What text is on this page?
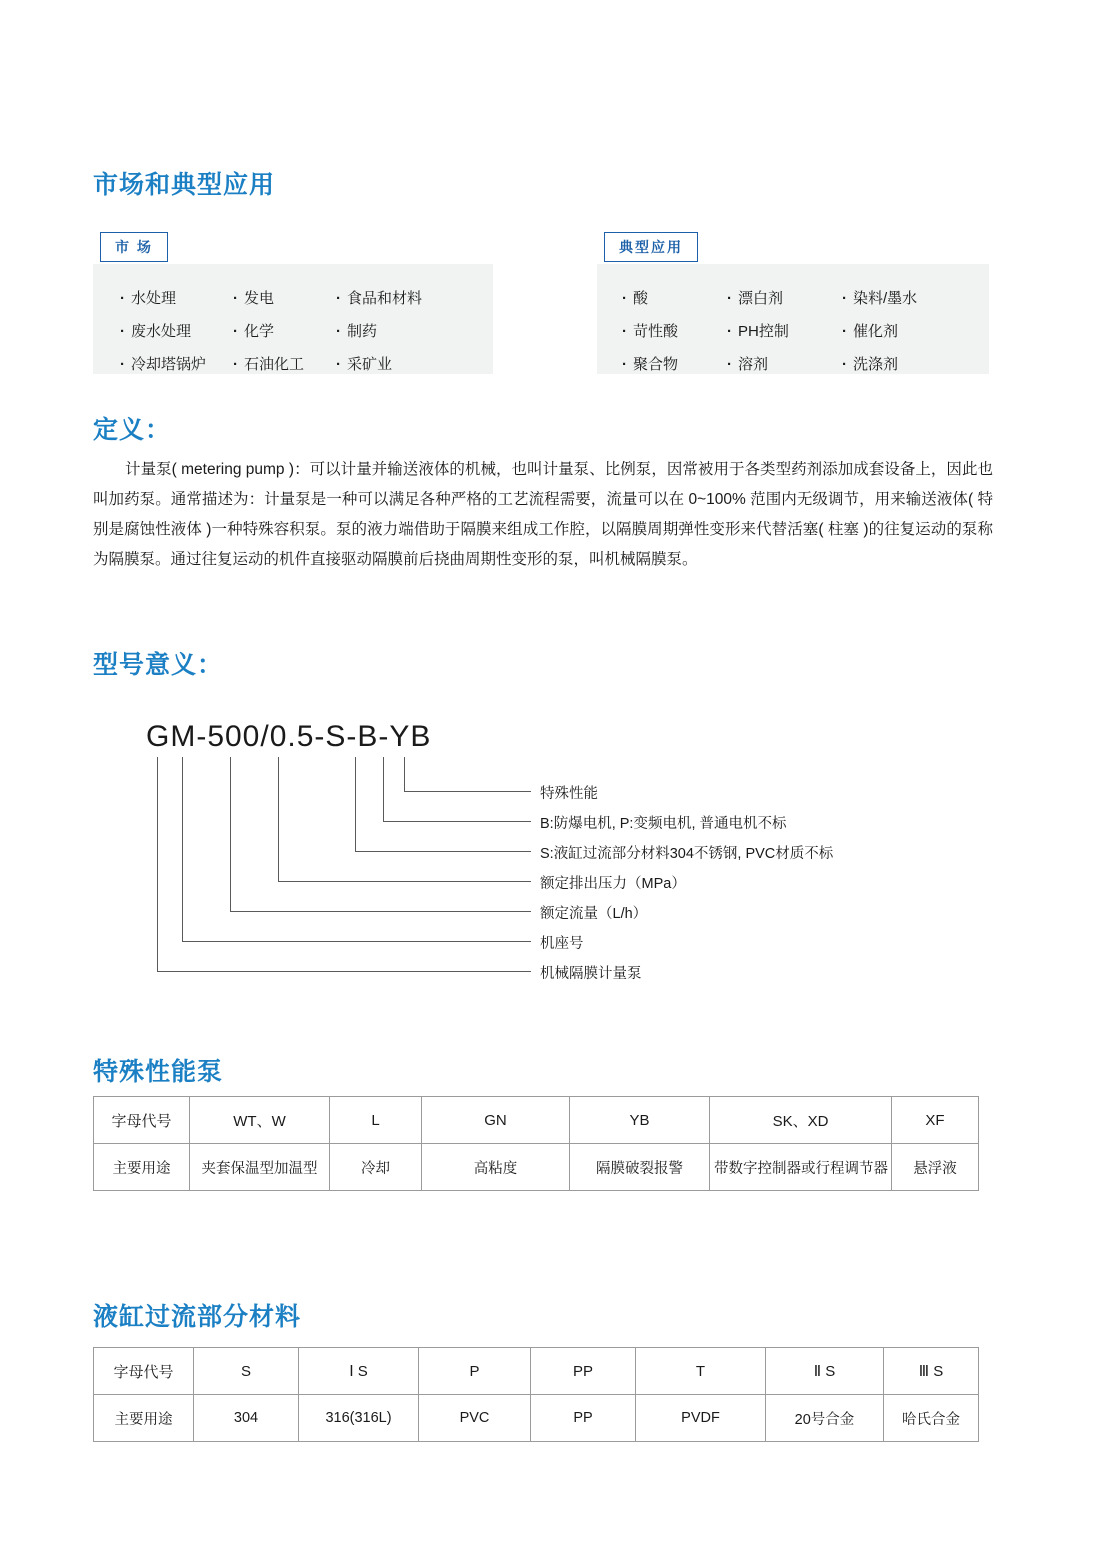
市场和典型应用
市 场
· 水处理	· 发电	· 食品和材料
· 废水处理	· 化学	· 制药
· 冷却塔锅炉	· 石油化工	· 采矿业
典型应用
· 酸	· 漂白剂	· 染料/墨水
· 苛性酸	· PH控制	· 催化剂
· 聚合物	· 溶剂	· 洗涤剂
定义：
计量泵( metering pump )：可以计量并输送液体的机械，也叫计量泵、比例泵，因常被用于各类型药剂添加成套设备上，因此也叫加药泵。通常描述为：计量泵是一种可以满足各种严格的工艺流程需要，流量可以在 0~100% 范围内无级调节，用来输送液体( 特别是腐蚀性液体 )一种特殊容积泵。泵的液力端借助于隔膜来组成工作腔，以隔膜周期弹性变形来代替活塞( 柱塞 )的往复运动的泵称为隔膜泵。通过往复运动的机件直接驱动隔膜前后挠曲周期性变形的泵，叫机械隔膜泵。
型号意义：
GM-500/0.5-S-B-YB
特殊性能
B:防爆电机, P:变频电机, 普通电机不标
S:液缸过流部分材料304不锈钢, PVC材质不标
额定排出压力（MPa）
额定流量（L/h）
机座号
机械隔膜计量泵
特殊性能泵
字母代号	WT、W	L	GN	YB	SK、XD	XF
主要用途	夹套保温型加温型	冷却	高粘度	隔膜破裂报警	带数字控制器或行程调节器	悬浮液
液缸过流部分材料
字母代号	S	Ⅰ S	P	PP	T	Ⅱ S	Ⅲ S
主要用途	304	316(316L)	PVC	PP	PVDF	20号合金	哈氏合金
